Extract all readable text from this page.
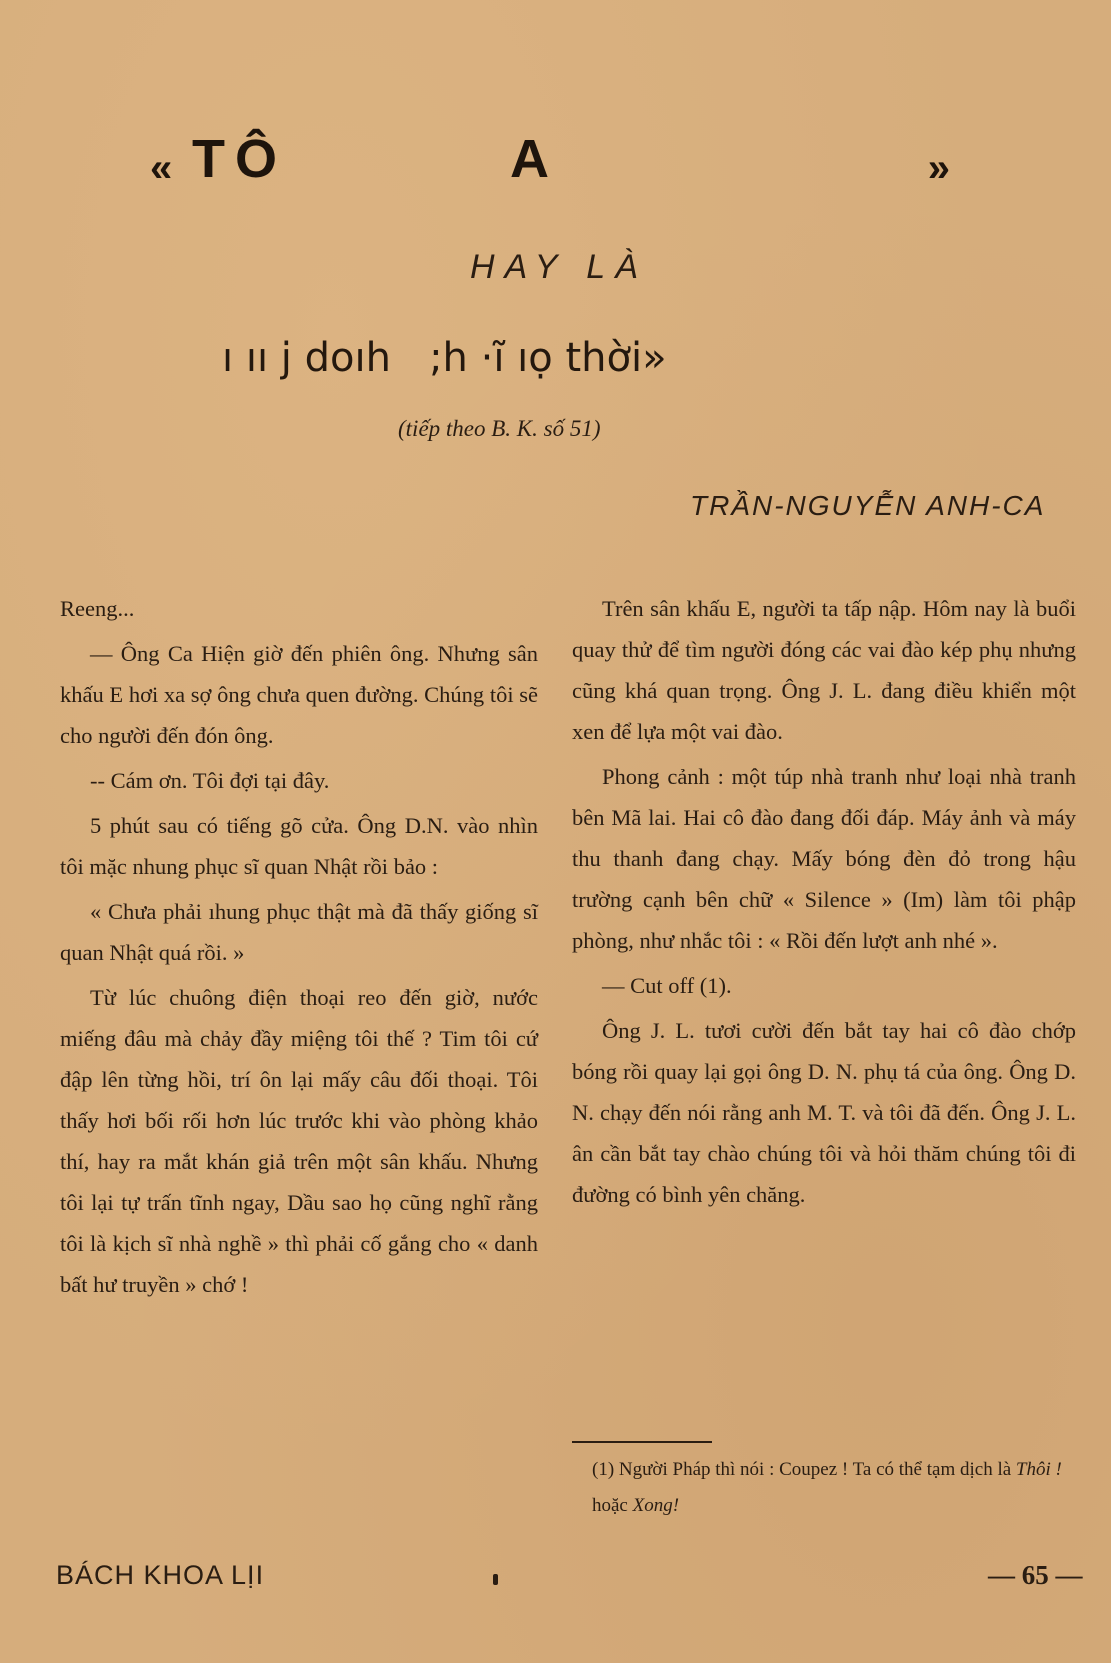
« TÔ         A	»
HAY LÀ
ı ıı j doıh   ;h ·ĩ ıọ thời»
(tiếp theo B. K. số 51)
TRẦN-NGUYỄN ANH-CA

Reeng...

— Ông Ca Hiện giờ đến phiên ông. Nhưng sân khấu E hơi xa sợ ông chưa quen đường. Chúng tôi sẽ cho người đến đón ông.

-- Cám ơn. Tôi đợi tại đây.

5 phút sau có tiếng gõ cửa. Ông D.N. vào nhìn tôi mặc nhung phục sĩ quan Nhật rồi bảo :

« Chưa phải ıhung phục thật mà đã thấy giống sĩ quan Nhật quá rồi. »

Từ lúc chuông điện thoại reo đến giờ, nước miếng đâu mà chảy đầy miệng tôi thế ? Tim tôi cứ đập lên từng hồi, trí ôn lại mấy câu đối thoại. Tôi thấy hơi bối rối hơn lúc trước khi vào phòng khảo thí, hay ra mắt khán giả trên một sân khấu. Nhưng tôi lại tự trấn tĩnh ngay, Dầu sao họ cũng nghĩ rằng tôi là kịch sĩ nhà nghề » thì phải cố gắng cho « danh bất hư truyền » chớ !

Trên sân khấu E, người ta tấp nập. Hôm nay là buổi quay thử để tìm người đóng các vai đào kép phụ nhưng cũng khá quan trọng. Ông J. L. đang điều khiển một xen để lựa một vai đào.

Phong cảnh : một túp nhà tranh như loại nhà tranh bên Mã lai. Hai cô đào đang đối đáp. Máy ảnh và máy thu thanh đang chạy. Mấy bóng đèn đỏ trong hậu trường cạnh bên chữ « Silence » (Im) làm tôi phập phòng, như nhắc tôi : « Rồi đến lượt anh nhé ».

— Cut off (1).

Ông J. L. tươi cười đến bắt tay hai cô đào chớp bóng rồi quay lại gọi ông D. N. phụ tá của ông. Ông D. N. chạy đến nói rằng anh M. T. và tôi đã đến. Ông J. L. ân cần bắt tay chào chúng tôi và hỏi thăm chúng tôi đi đường có bình yên chăng.

(1) Người Pháp thì nói : Coupez ! Ta có thể tạm dịch là Thôi ! hoặc Xong!
BÁCH KHOA LỊI	— 65 —
